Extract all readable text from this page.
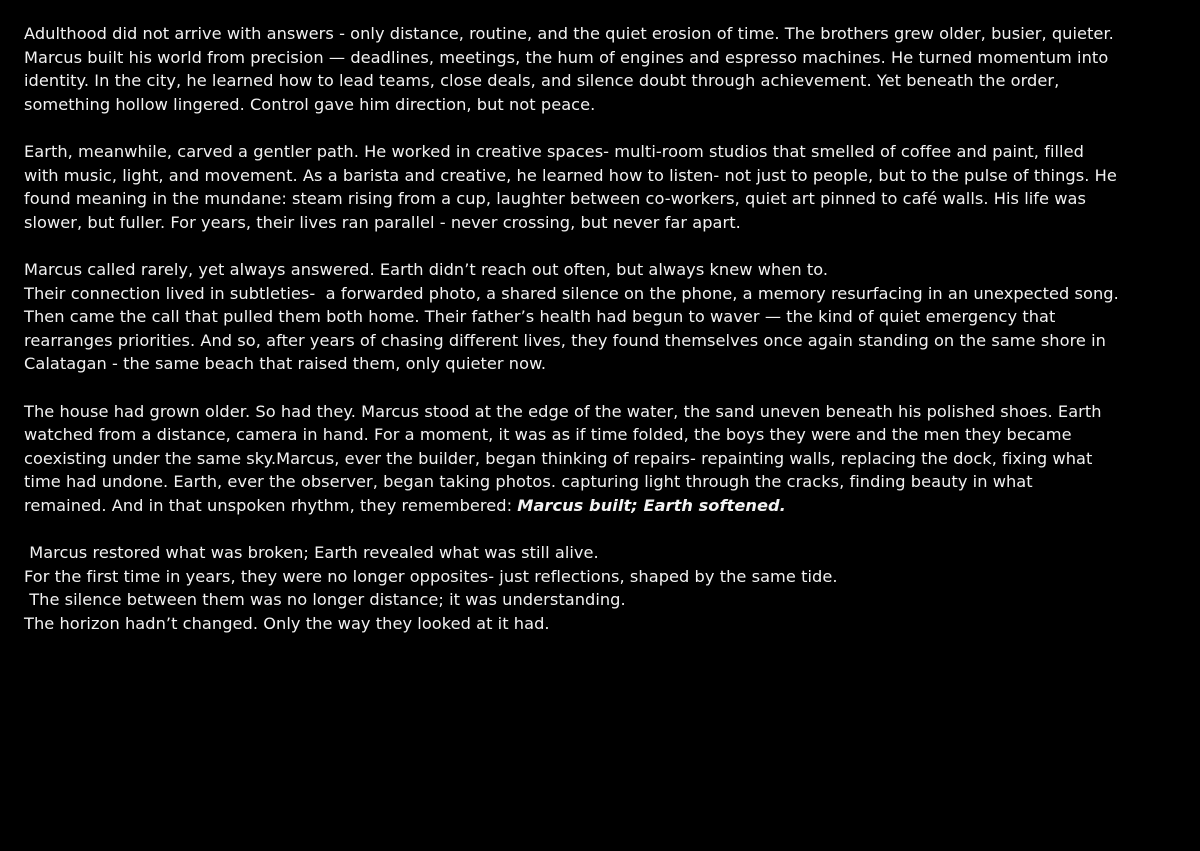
Adulthood did not arrive with answers - only distance, routine, and the quiet erosion of time. The brothers grew older, busier, quieter.
Marcus built his world from precision — deadlines, meetings, the hum of engines and espresso machines. He turned momentum into
identity. In the city, he learned how to lead teams, close deals, and silence doubt through achievement. Yet beneath the order,
something hollow lingered. Control gave him direction, but not peace.

Earth, meanwhile, carved a gentler path. He worked in creative spaces- multi-room studios that smelled of coffee and paint, filled
with music, light, and movement. As a barista and creative, he learned how to listen- not just to people, but to the pulse of things. He
found meaning in the mundane: steam rising from a cup, laughter between co-workers, quiet art pinned to café walls. His life was
slower, but fuller. For years, their lives ran parallel - never crossing, but never far apart.

Marcus called rarely, yet always answered. Earth didn’t reach out often, but always knew when to.
Their connection lived in subtleties-  a forwarded photo, a shared silence on the phone, a memory resurfacing in an unexpected song.
Then came the call that pulled them both home. Their father’s health had begun to waver — the kind of quiet emergency that
rearranges priorities. And so, after years of chasing different lives, they found themselves once again standing on the same shore in
Calatagan - the same beach that raised them, only quieter now.

The house had grown older. So had they. Marcus stood at the edge of the water, the sand uneven beneath his polished shoes. Earth
watched from a distance, camera in hand. For a moment, it was as if time folded, the boys they were and the men they became
coexisting under the same sky.Marcus, ever the builder, began thinking of repairs- repainting walls, replacing the dock, fixing what
time had undone. Earth, ever the observer, began taking photos. capturing light through the cracks, finding beauty in what
remained. And in that unspoken rhythm, they remembered: Marcus built; Earth softened.

Marcus restored what was broken; Earth revealed what was still alive.
For the first time in years, they were no longer opposites- just reflections, shaped by the same tide.
The silence between them was no longer distance; it was understanding.
The horizon hadn’t changed. Only the way they looked at it had.
